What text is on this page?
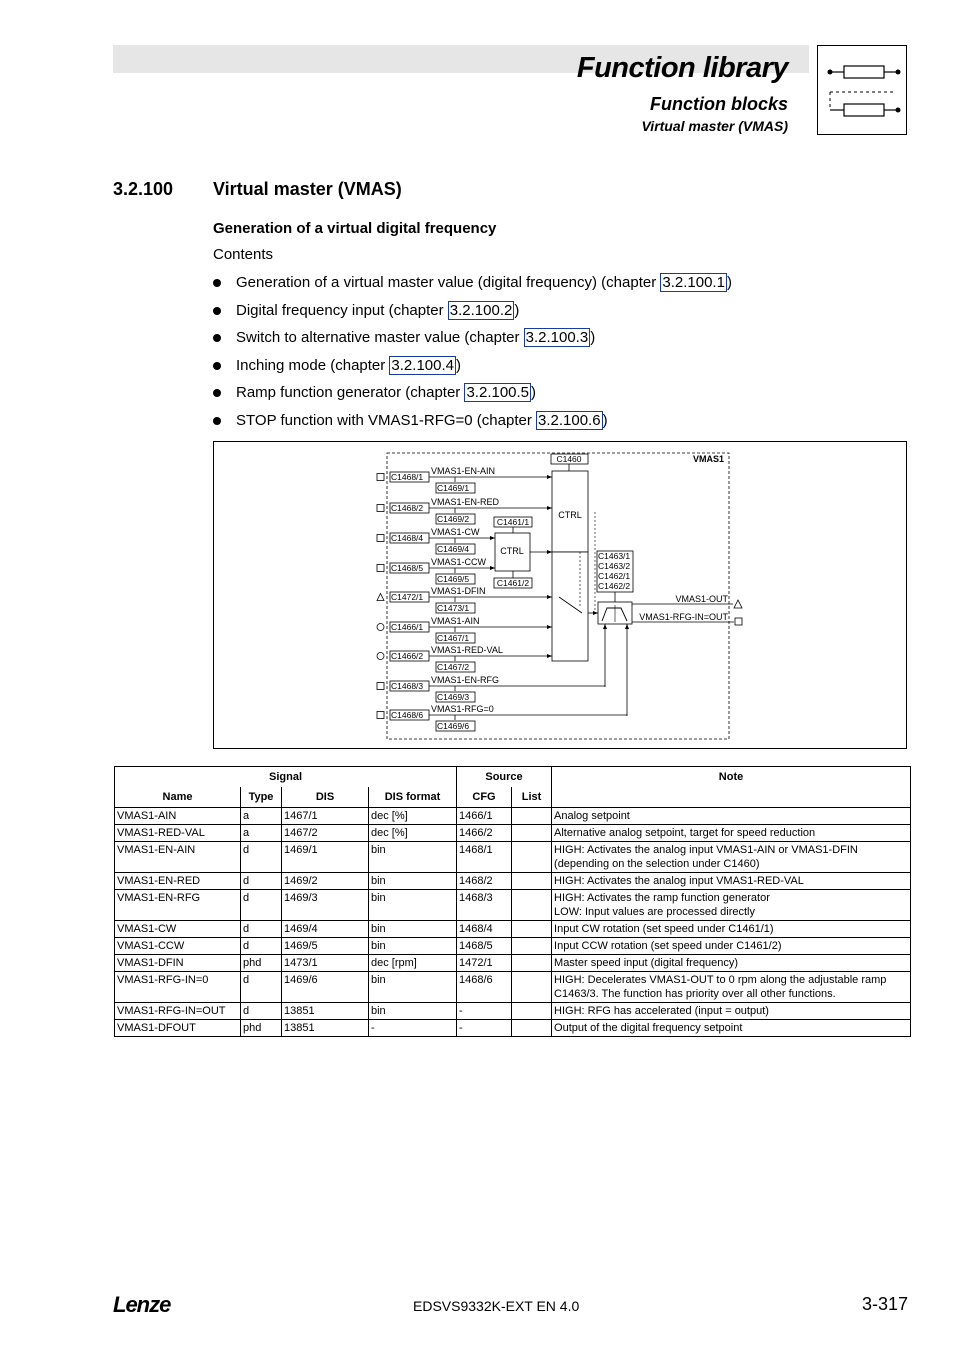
Function library
Function blocks
Virtual master (VMAS)
3.2.100 Virtual master (VMAS)
Generation of a virtual digital frequency
Contents
Generation of a virtual master value (digital frequency) (chapter 3.2.100.1 )
Digital frequency input (chapter 3.2.100.2 )
Switch to alternative master value (chapter 3.2.100.3 )
Inching mode (chapter 3.2.100.4 )
Ramp function generator (chapter 3.2.100.5 )
STOP function with VMAS1-RFG=0 (chapter 3.2.100.6 )
VMAS1
C1460
CTRL
CTRL
C1461/1
C1461/2
C1463/1
C1463/2
C1462/1
C1462/2
VMAS1-OUT
VMAS1-RFG-IN=OUT
C1468/1
VMAS1-EN-AIN
C1469/1
C1468/2
VMAS1-EN-RED
C1469/2
C1468/4
VMAS1-CW
C1469/4
C1468/5
VMAS1-CCW
C1469/5
C1472/1
VMAS1-DFIN
C1473/1
C1466/1
VMAS1-AIN
C1467/1
C1466/2
VMAS1-RED-VAL
C1467/2
C1468/3
VMAS1-EN-RFG
C1469/3
C1468/6
VMAS1-RFG=0
C1469/6
Signal				Source		Note
Name	Type	DIS	DIS format	CFG	List	
VMAS1-AIN	a	1467/1	dec [%]	1466/1		Analog setpoint
VMAS1-RED-VAL	a	1467/2	dec [%]	1466/2		Alternative analog setpoint, target for speed reduction
VMAS1-EN-AIN	d	1469/1	bin	1468/1		HIGH: Activates the analog input VMAS1-AIN or VMAS1-DFIN (depending on the selection under C1460)
VMAS1-EN-RED	d	1469/2	bin	1468/2		HIGH: Activates the analog input VMAS1-RED-VAL
VMAS1-EN-RFG	d	1469/3	bin	1468/3		HIGH: Activates the ramp function generator
LOW: Input values are processed directly
VMAS1-CW	d	1469/4	bin	1468/4		Input CW rotation (set speed under C1461/1)
VMAS1-CCW	d	1469/5	bin	1468/5		Input CCW rotation (set speed under C1461/2)
VMAS1-DFIN	phd	1473/1	dec [rpm]	1472/1		Master speed input (digital frequency)
VMAS1-RFG-IN=0	d	1469/6	bin	1468/6		HIGH: Decelerates VMAS1-OUT to 0 rpm along the adjustable ramp C1463/3. The function has priority over all other functions.
VMAS1-RFG-IN=OUT	d	13851	bin	-		HIGH: RFG has accelerated (input = output)
VMAS1-DFOUT	phd	13851	-	-		Output of the digital frequency setpoint
Lenze	EDSVS9332K-EXT EN 4.0	3-317
